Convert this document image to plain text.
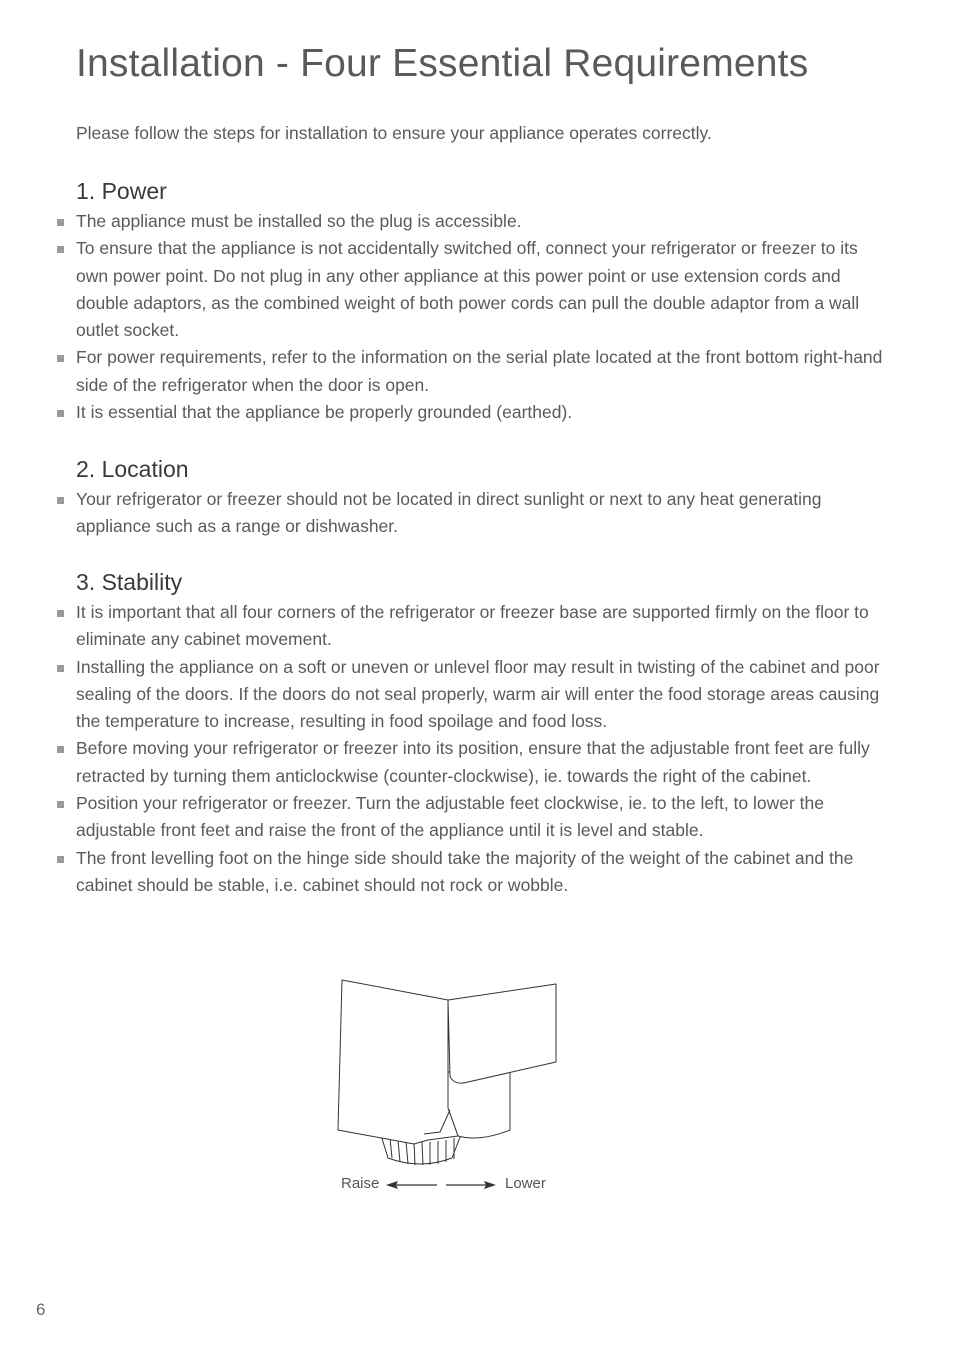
Installation - Four Essential Requirements

Please follow the steps for installation to ensure your appliance operates correctly.

1. Power
The appliance must be installed so the plug is accessible.
To ensure that the appliance is not accidentally switched off, connect your refrigerator or freezer to its own power point. Do not plug in any other appliance at this power point or use extension cords and double adaptors, as the combined weight of both power cords can pull the double adaptor from a wall outlet socket.
For power requirements, refer to the information on the serial plate located at the front bottom right-hand side of the refrigerator when the door is open.
It is essential that the appliance be properly grounded (earthed).
2. Location
Your refrigerator or freezer should not be located in direct sunlight or next to any heat generating appliance such as a range or dishwasher.
3. Stability
It is important that all four corners of the refrigerator or freezer base are supported firmly on the floor to eliminate any cabinet movement.
Installing the appliance on a soft or uneven or unlevel floor may result in twisting of the cabinet and poor sealing of the doors. If the doors do not seal properly, warm air will enter the food storage areas causing the temperature to increase, resulting in food spoilage and food loss.
Before moving your refrigerator or freezer into its position, ensure that the adjustable front feet are fully retracted by turning them anticlockwise (counter-clockwise), ie. towards the right of the cabinet.
Position your refrigerator or freezer. Turn the adjustable feet clockwise, ie. to the left, to lower the adjustable front feet and raise the front of the appliance until it is level and stable.
The front levelling foot on the hinge side should take the majority of the weight of the cabinet and the cabinet should be stable, i.e. cabinet should not rock or wobble.
Raise	Lower
6
